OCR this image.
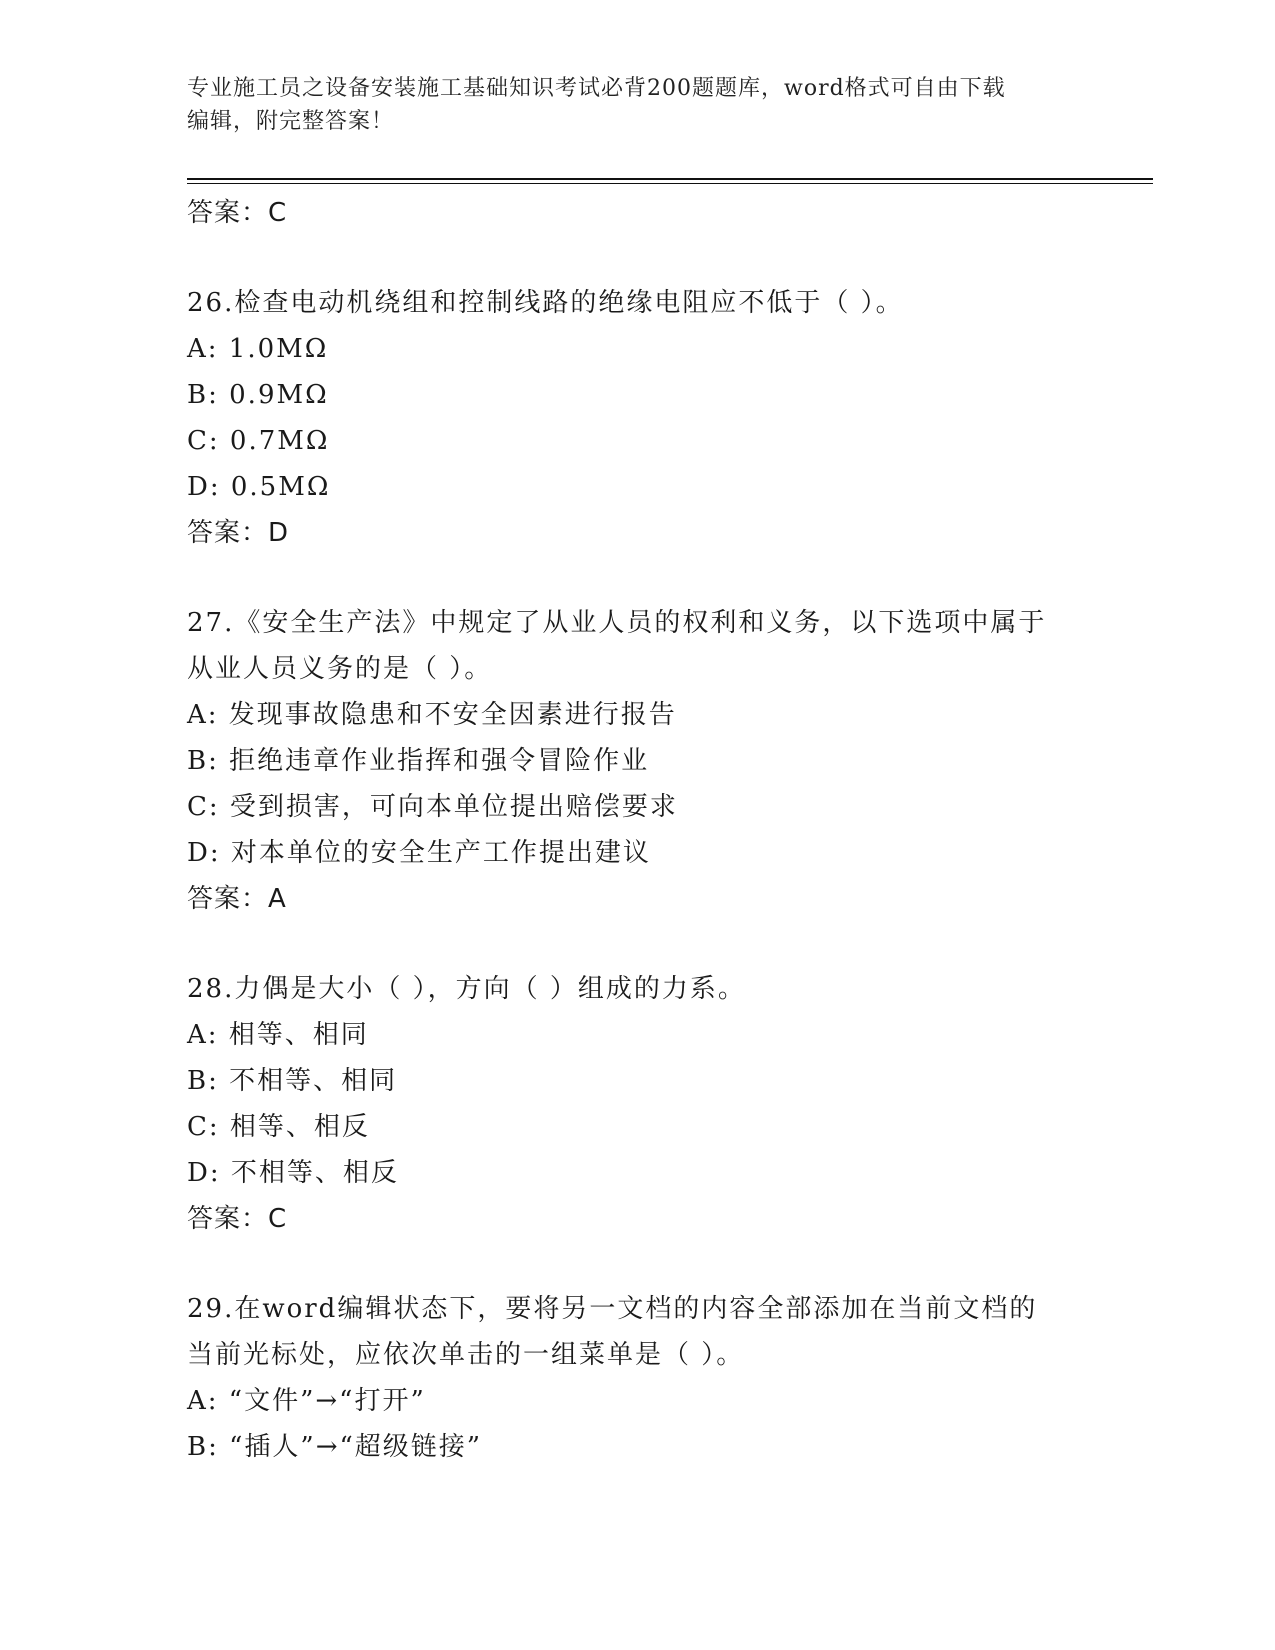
专业施工员之设备安装施工基础知识考试必背200题题库，word格式可自由下载
编辑，附完整答案！
答案：C
26.检查电动机绕组和控制线路的绝缘电阻应不低于（ ）。
A: 1.0MΩ
B: 0.9MΩ
C: 0.7MΩ
D: 0.5MΩ
答案：D
27.《安全生产法》中规定了从业人员的权利和义务，以下选项中属于
从业人员义务的是（ ）。
A: 发现事故隐患和不安全因素进行报告
B: 拒绝违章作业指挥和强令冒险作业
C: 受到损害，可向本单位提出赔偿要求
D: 对本单位的安全生产工作提出建议
答案：A
28.力偶是大小（ ），方向（ ）组成的力系。
A: 相等、相同
B: 不相等、相同
C: 相等、相反
D: 不相等、相反
答案：C
29.在word编辑状态下，要将另一文档的内容全部添加在当前文档的
当前光标处，应依次单击的一组菜单是（ ）。
A: “文件”→“打开”
B: “插人”→“超级链接”
